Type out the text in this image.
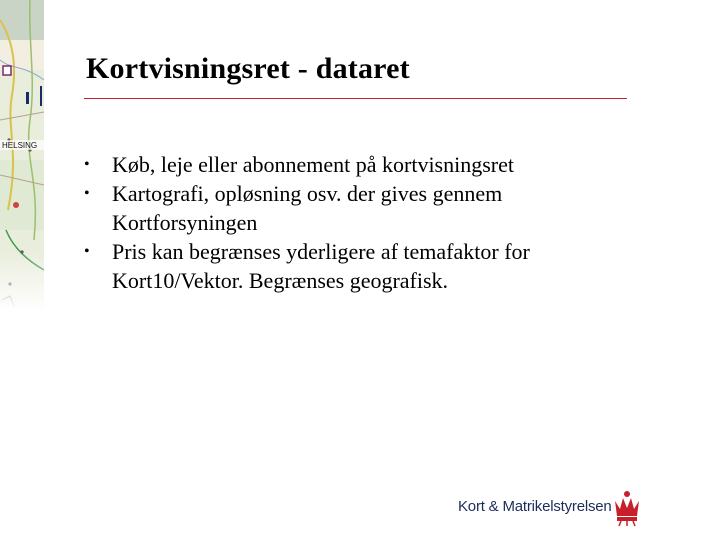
HELSING
Kortvisningsret - dataret
• Køb, leje eller abonnement på kortvisningsret
• Kartografi, opløsning osv. der gives gennem Kortforsyningen
• Pris kan begrænses yderligere af temafaktor for Kort10/Vektor. Begrænses geografisk.
Kort & Matrikelstyrelsen
